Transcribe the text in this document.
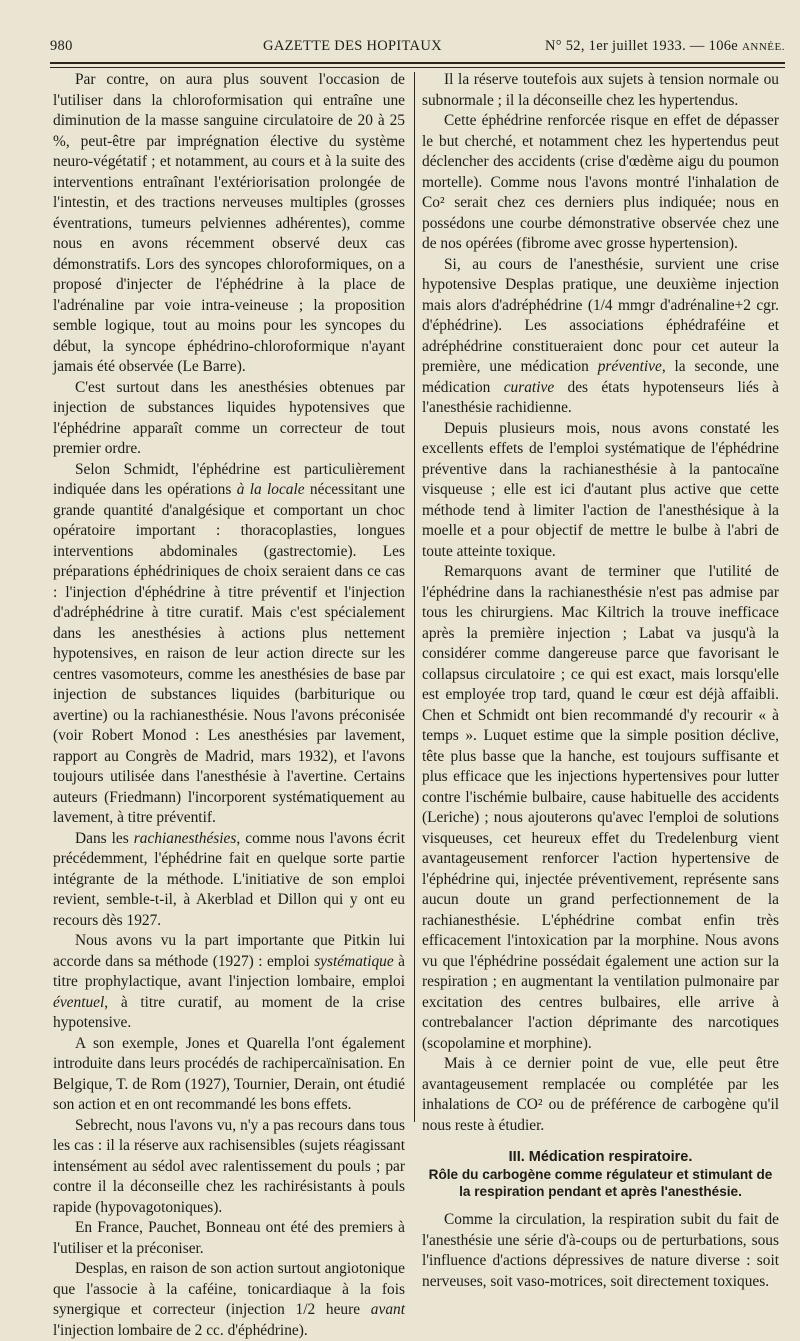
980	GAZETTE DES HOPITAUX	N° 52, 1er juillet 1933. — 106e ANNÉE.

Par contre, on aura plus souvent l'occasion de l'utiliser dans la chloroformisation qui entraîne une diminution de la masse sanguine circulatoire de 20 à 25 %, peut-être par imprégnation élective du système neuro-végétatif ; et notamment, au cours et à la suite des interventions entraînant l'extériorisation prolongée de l'intestin, et des tractions nerveuses multiples (grosses éventrations, tumeurs pelviennes adhérentes), comme nous en avons récemment observé deux cas démonstratifs. Lors des syncopes chloroformiques, on a proposé d'injecter de l'éphédrine à la place de l'adrénaline par voie intra-veineuse ; la proposition semble logique, tout au moins pour les syncopes du début, la syncope éphédrino-chloroformique n'ayant jamais été observée (Le Barre).

C'est surtout dans les anesthésies obtenues par injection de substances liquides hypotensives que l'éphédrine apparaît comme un correcteur de tout premier ordre.

Selon Schmidt, l'éphédrine est particulièrement indiquée dans les opérations à la locale nécessitant une grande quantité d'analgésique et comportant un choc opératoire important : thoracoplasties, longues interventions abdominales (gastrectomie). Les préparations éphédriniques de choix seraient dans ce cas : l'injection d'éphédrine à titre préventif et l'injection d'adréphédrine à titre curatif. Mais c'est spécialement dans les anesthésies à actions plus nettement hypotensives, en raison de leur action directe sur les centres vasomoteurs, comme les anesthésies de base par injection de substances liquides (barbiturique ou avertine) ou la rachianesthésie. Nous l'avons préconisée (voir Robert Monod : Les anesthésies par lavement, rapport au Congrès de Madrid, mars 1932), et l'avons toujours utilisée dans l'anesthésie à l'avertine. Certains auteurs (Friedmann) l'incorporent systématiquement au lavement, à titre préventif.

Dans les rachianesthésies, comme nous l'avons écrit précédemment, l'éphédrine fait en quelque sorte partie intégrante de la méthode. L'initiative de son emploi revient, semble-t-il, à Akerblad et Dillon qui y ont eu recours dès 1927.

Nous avons vu la part importante que Pitkin lui accorde dans sa méthode (1927) : emploi systématique à titre prophylactique, avant l'injection lombaire, emploi éventuel, à titre curatif, au moment de la crise hypotensive.

A son exemple, Jones et Quarella l'ont également introduite dans leurs procédés de rachipercaïnisation. En Belgique, T. de Rom (1927), Tournier, Derain, ont étudié son action et en ont recommandé les bons effets.

Sebrecht, nous l'avons vu, n'y a pas recours dans tous les cas : il la réserve aux rachisensibles (sujets réagissant intensément au sédol avec ralentissement du pouls ; par contre il la déconseille chez les rachirésistants à pouls rapide (hypovagotoniques).

En France, Pauchet, Bonneau ont été des premiers à l'utiliser et la préconiser.

Desplas, en raison de son action surtout angiotonique que l'associe à la caféine, tonicardiaque à la fois synergique et correcteur (injection 1/2 heure avant l'injection lombaire de 2 cc. d'éphédrine).

Il la réserve toutefois aux sujets à tension normale ou subnormale ; il la déconseille chez les hypertendus.

Cette éphédrine renforcée risque en effet de dépasser le but cherché, et notamment chez les hypertendus peut déclencher des accidents (crise d'œdème aigu du poumon mortelle). Comme nous l'avons montré l'inhalation de Co² serait chez ces derniers plus indiquée; nous en possédons une courbe démonstrative observée chez une de nos opérées (fibrome avec grosse hypertension).

Si, au cours de l'anesthésie, survient une crise hypotensive Desplas pratique, une deuxième injection mais alors d'adréphédrine (1/4 mmgr d'adrénaline+2 cgr. d'éphédrine). Les associations éphédraféine et adréphédrine constitueraient donc pour cet auteur la première, une médication préventive, la seconde, une médication curative des états hypotenseurs liés à l'anesthésie rachidienne.

Depuis plusieurs mois, nous avons constaté les excellents effets de l'emploi systématique de l'éphédrine préventive dans la rachianesthésie à la pantocaïne visqueuse ; elle est ici d'autant plus active que cette méthode tend à limiter l'action de l'anesthésique à la moelle et a pour objectif de mettre le bulbe à l'abri de toute atteinte toxique.

Remarquons avant de terminer que l'utilité de l'éphédrine dans la rachianesthésie n'est pas admise par tous les chirurgiens. Mac Kiltrich la trouve inefficace après la première injection ; Labat va jusqu'à la considérer comme dangereuse parce que favorisant le collapsus circulatoire ; ce qui est exact, mais lorsqu'elle est employée trop tard, quand le cœur est déjà affaibli. Chen et Schmidt ont bien recommandé d'y recourir « à temps ». Luquet estime que la simple position déclive, tête plus basse que la hanche, est toujours suffisante et plus efficace que les injections hypertensives pour lutter contre l'ischémie bulbaire, cause habituelle des accidents (Leriche) ; nous ajouterons qu'avec l'emploi de solutions visqueuses, cet heureux effet du Tredelenburg vient avantageusement renforcer l'action hypertensive de l'éphédrine qui, injectée préventivement, représente sans aucun doute un grand perfectionnement de la rachianesthésie. L'éphédrine combat enfin très efficacement l'intoxication par la morphine. Nous avons vu que l'éphédrine possédait également une action sur la respiration ; en augmentant la ventilation pulmonaire par excitation des centres bulbaires, elle arrive à contrebalancer l'action déprimante des narcotiques (scopolamine et morphine).

Mais à ce dernier point de vue, elle peut être avantageusement remplacée ou complétée par les inhalations de CO² ou de préférence de carbogène qu'il nous reste à étudier.

III. Médication respiratoire.
Rôle du carbogène comme régulateur et stimulant de la respiration pendant et après l'anesthésie.

Comme la circulation, la respiration subit du fait de l'anesthésie une série d'à-coups ou de perturbations, sous l'influence d'actions dépressives de nature diverse : soit nerveuses, soit vaso-motrices, soit directement toxiques.
